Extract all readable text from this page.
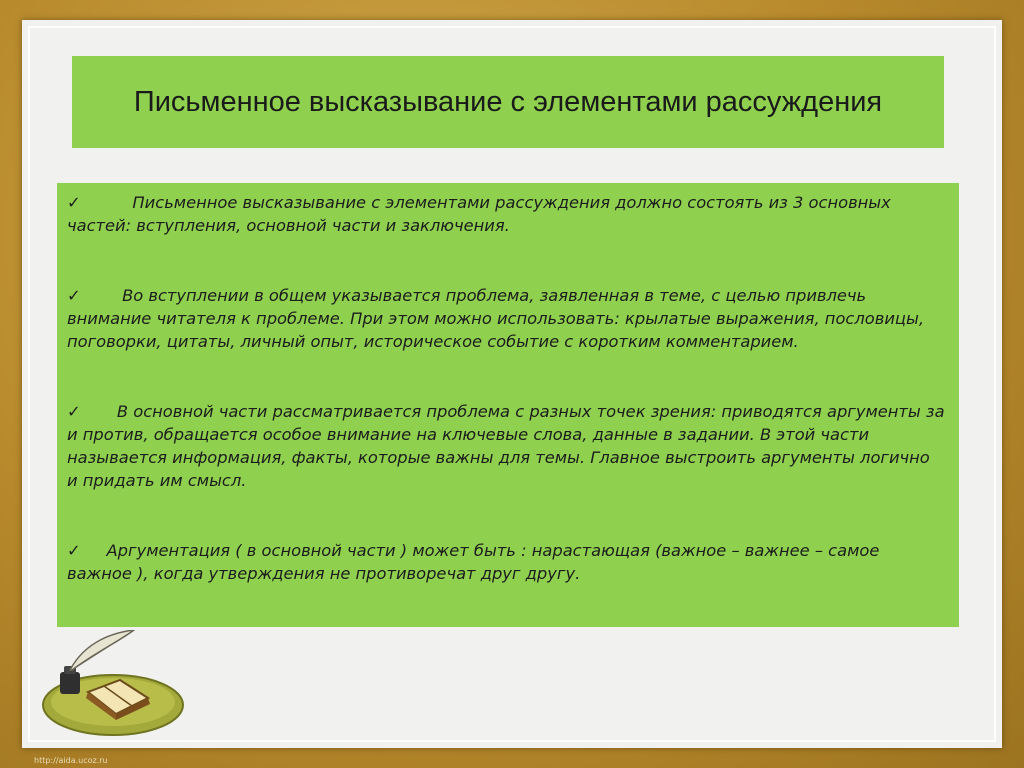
Письменное высказывание с элементами рассуждения

✓	Письменное высказывание с элементами рассуждения должно состоять из 3 основных частей: вступления, основной части и заключения.

✓	Во вступлении в общем указывается проблема, заявленная в теме, с целью привлечь внимание читателя к проблеме. При этом можно использовать: крылатые выражения, пословицы, поговорки, цитаты, личный опыт, историческое событие с коротким комментарием.

✓ В основной части рассматривается проблема с разных точек зрения: приводятся аргументы за и против, обращается особое внимание на ключевые слова, данные в задании. В этой части называется информация, факты, которые важны для темы. Главное выстроить аргументы логично и придать им смысл.

✓ Аргументация ( в основной части ) может быть : нарастающая (важное – важнее – самое важное ), когда утверждения не противоречат друг другу.

http://aida.ucoz.ru
